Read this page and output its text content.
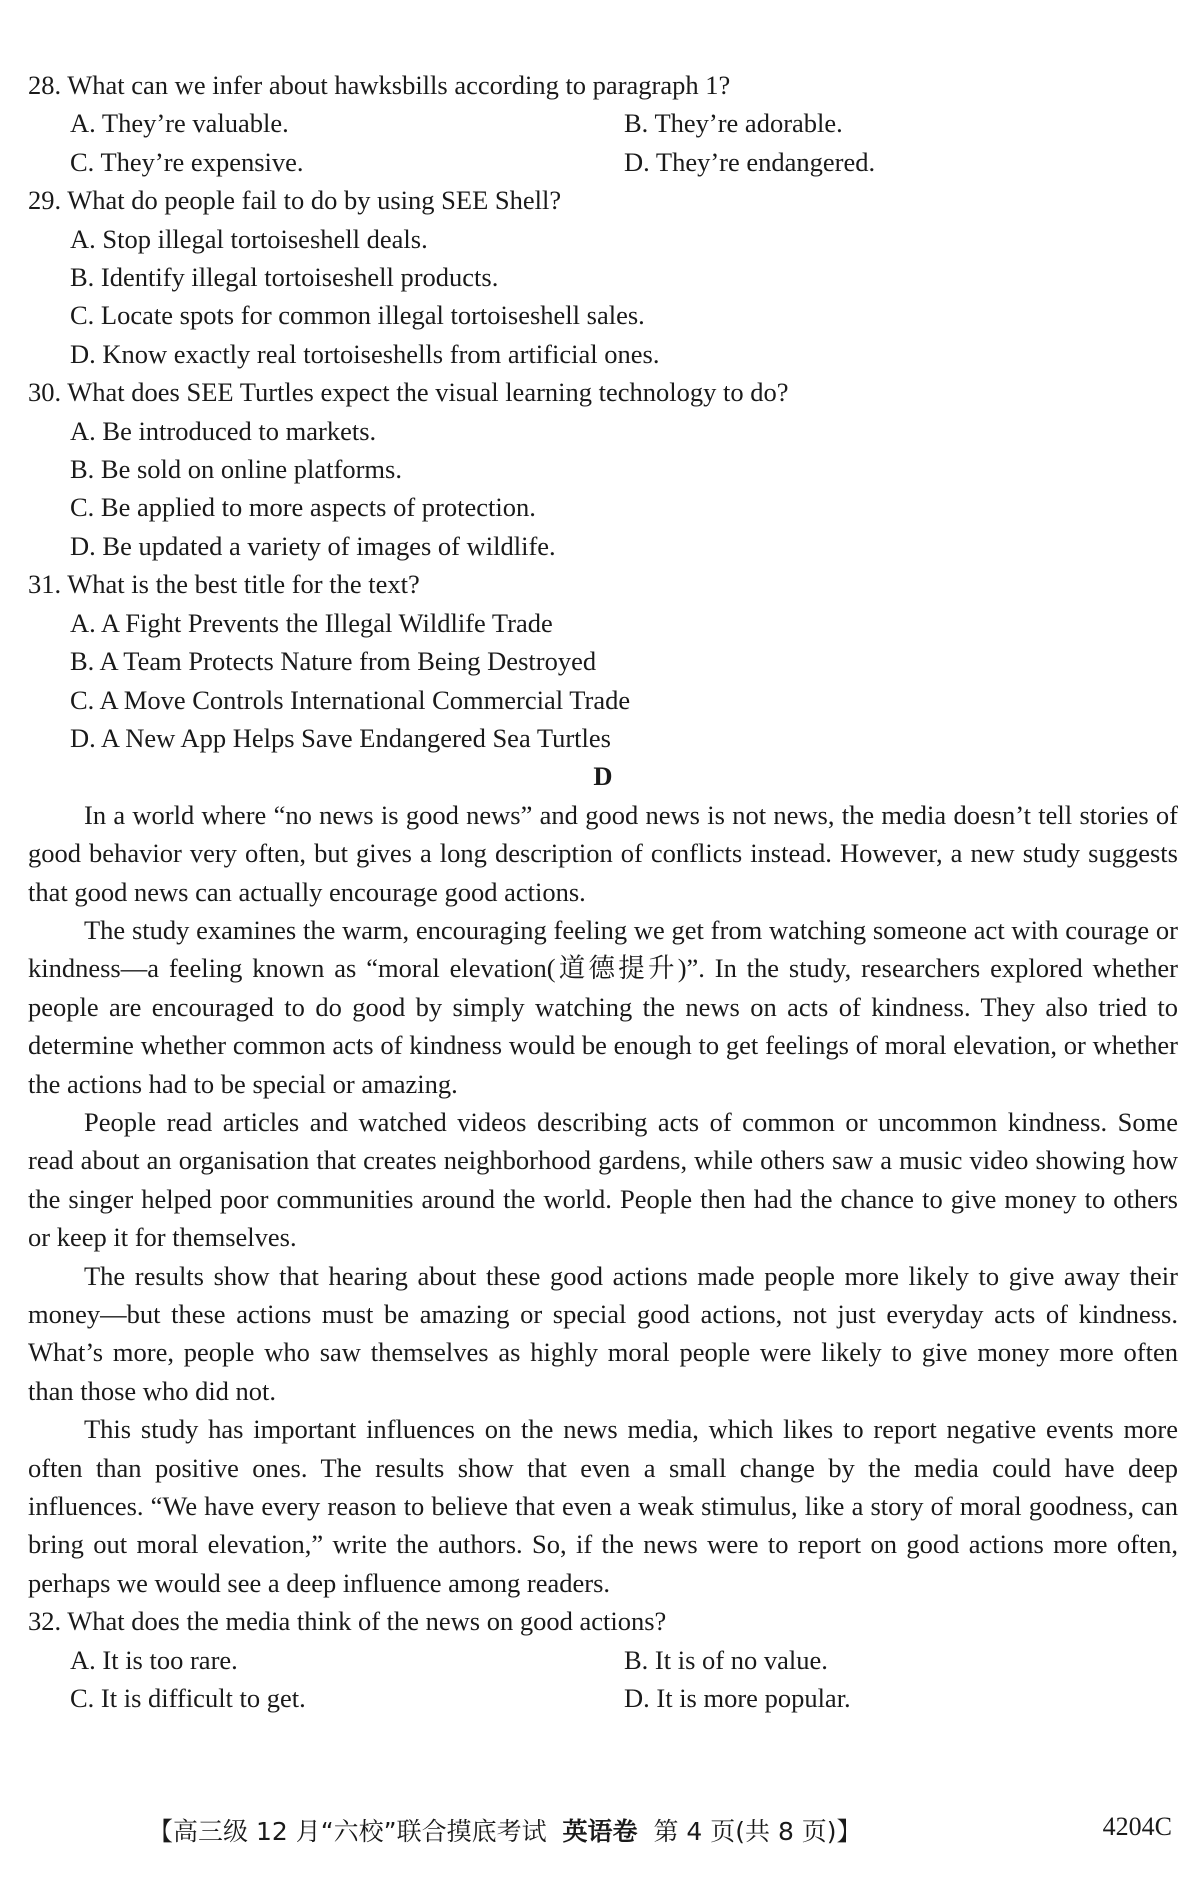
28. What can we infer about hawksbills according to paragraph 1?

A. They’re valuable.	B. They’re adorable.
C. They’re expensive.	D. They’re endangered.

29. What do people fail to do by using SEE Shell?

A. Stop illegal tortoiseshell deals.
B. Identify illegal tortoiseshell products.
C. Locate spots for common illegal tortoiseshell sales.
D. Know exactly real tortoiseshells from artificial ones.

30. What does SEE Turtles expect the visual learning technology to do?

A. Be introduced to markets.
B. Be sold on online platforms.
C. Be applied to more aspects of protection.
D. Be updated a variety of images of wildlife.

31. What is the best title for the text?

A. A Fight Prevents the Illegal Wildlife Trade
B. A Team Protects Nature from Being Destroyed
C. A Move Controls International Commercial Trade
D. A New App Helps Save Endangered Sea Turtles
D

In a world where “no news is good news” and good news is not news, the media doesn’t tell stories of good behavior very often, but gives a long description of conflicts instead. However, a new study suggests that good news can actually encourage good actions.

The study examines the warm, encouraging feeling we get from watching someone act with courage or kindness—a feeling known as “moral elevation(道德提升)”. In the study, researchers explored whether people are encouraged to do good by simply watching the news on acts of kindness. They also tried to determine whether common acts of kindness would be enough to get feelings of moral elevation, or whether the actions had to be special or amazing.

People read articles and watched videos describing acts of common or uncommon kindness. Some read about an organisation that creates neighborhood gardens, while others saw a music video showing how the singer helped poor communities around the world. People then had the chance to give money to others or keep it for themselves.

The results show that hearing about these good actions made people more likely to give away their money—but these actions must be amazing or special good actions, not just everyday acts of kindness. What’s more, people who saw themselves as highly moral people were likely to give money more often than those who did not.

This study has important influences on the news media, which likes to report negative events more often than positive ones. The results show that even a small change by the media could have deep influences. “We have every reason to believe that even a weak stimulus, like a story of moral goodness, can bring out moral elevation,” write the authors. So, if the news were to report on good actions more often, perhaps we would see a deep influence among readers.

32. What does the media think of the news on good actions?

A. It is too rare.	B. It is of no value.
C. It is difficult to get.	D. It is more popular.
【高三级 12 月“六校”联合摸底考试 英语卷 第 4 页(共 8 页)】	4204C
